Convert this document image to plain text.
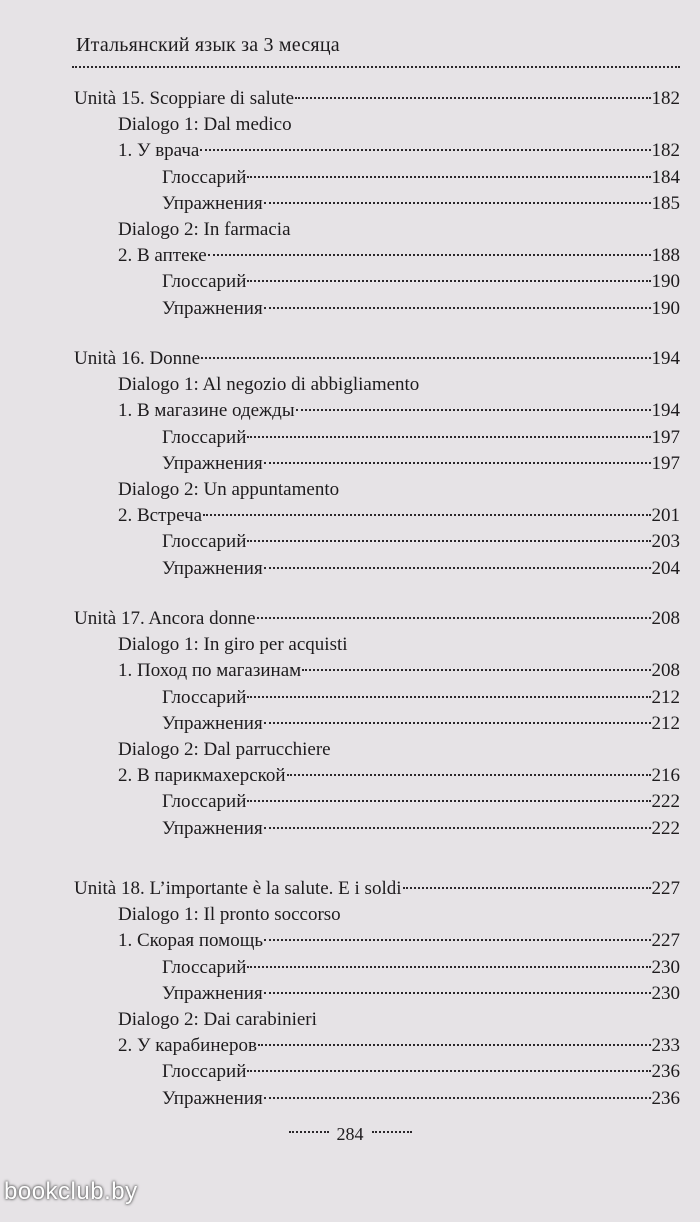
Итальянский язык за 3 месяца
Unità 15. Scoppiare di salute	182
Dialogo 1: Dal medico
1. У врача	182
Глоссарий	184
Упражнения	185
Dialogo 2: In farmacia
2. В аптеке	188
Глоссарий	190
Упражнения	190
Unità 16. Donne	194
Dialogo 1: Al negozio di abbigliamento
1. В магазине одежды	194
Глоссарий	197
Упражнения	197
Dialogo 2: Un appuntamento
2. Встреча	201
Глоссарий	203
Упражнения	204
Unità 17. Ancora donne	208
Dialogo 1: In giro per acquisti
1. Поход по магазинам	208
Глоссарий	212
Упражнения	212
Dialogo 2: Dal parrucchiere
2. В парикмахерской	216
Глоссарий	222
Упражнения	222
Unità 18. L’importante è la salute. E i soldi	227
Dialogo 1: Il pronto soccorso
1. Скорая помощь	227
Глоссарий	230
Упражнения	230
Dialogo 2: Dai carabinieri
2. У карабинеров	233
Глоссарий	236
Упражнения	236
284
bookclub.by
